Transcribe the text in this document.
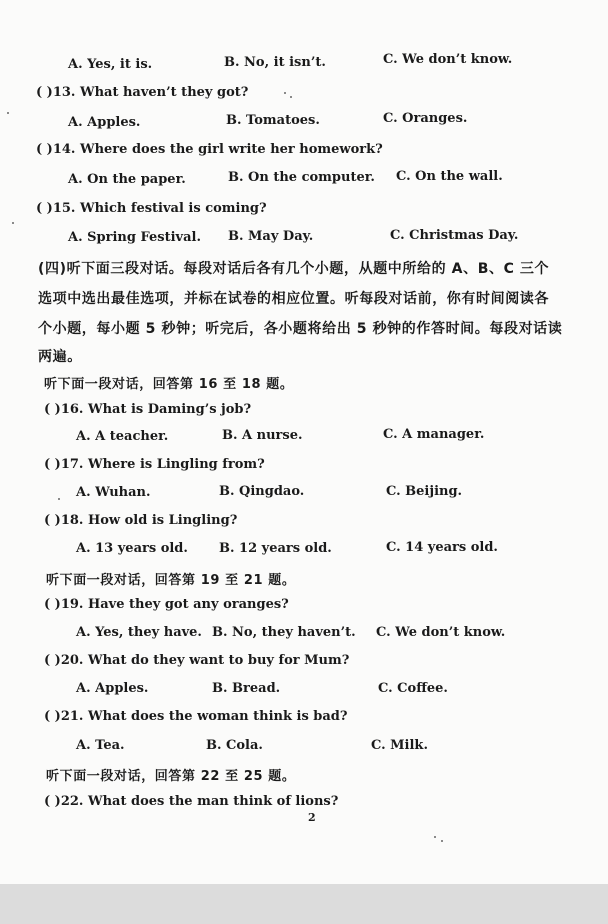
A. Yes, it is.	B. No, it isn’t.	C. We don’t know.
( )13. What haven’t they got?
A. Apples.	B. Tomatoes.	C. Oranges.
( )14. Where does the girl write her homework?
A. On the paper.	B. On the computer. C. On the wall.
( )15. Which festival is coming?
A. Spring Festival. B. May Day.	C. Christmas Day.
(四)听下面三段对话。每段对话后各有几个小题，从题中所给的 A、B、C 三个
选项中选出最佳选项，并标在试卷的相应位置。听每段对话前，你有时间阅读各
个小题，每小题 5 秒钟；听完后，各小题将给出 5 秒钟的作答时间。每段对话读
两遍。
听下面一段对话，回答第 16 至 18 题。
( )16. What is Daming’s job?
A. A teacher.	B. A nurse.	C. A manager.
( )17. Where is Lingling from?
A. Wuhan.	B. Qingdao.	C. Beijing.
( )18. How old is Lingling?
A. 13 years old. B. 12 years old.	C. 14 years old.
听下面一段对话，回答第 19 至 21 题。
( )19. Have they got any oranges?
A. Yes, they have. B. No, they haven’t. C. We don’t know.
( )20. What do they want to buy for Mum?
A. Apples.	B. Bread.	C. Coffee.
( )21. What does the woman think is bad?
A. Tea.	B. Cola.	C. Milk.
听下面一段对话，回答第 22 至 25 题。
( )22. What does the man think of lions?
2
